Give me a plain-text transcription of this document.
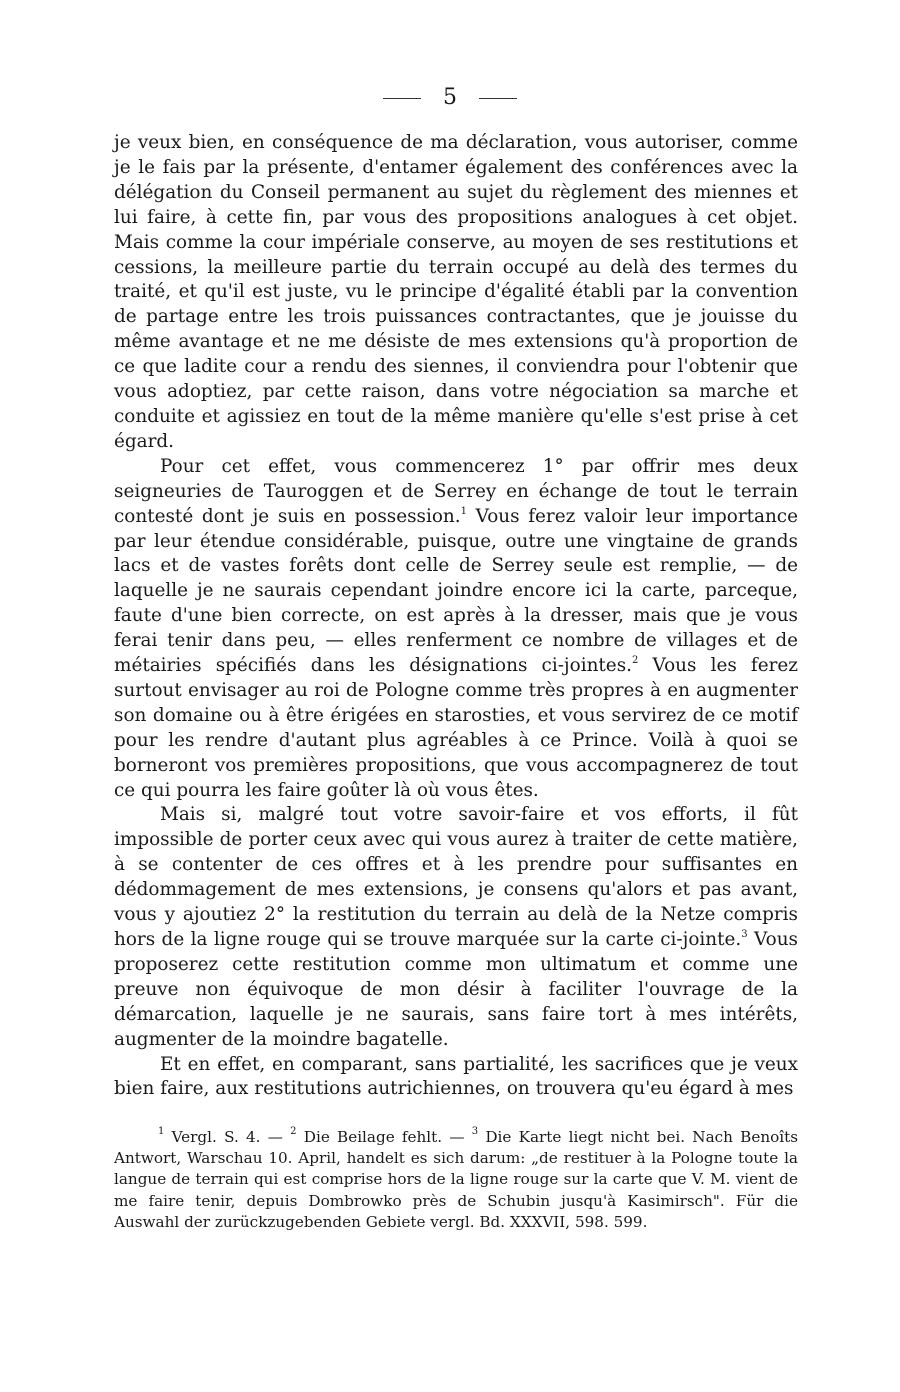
5

je veux bien, en conséquence de ma déclaration, vous autoriser, comme je le fais par la présente, d'entamer également des conférences avec la délégation du Conseil permanent au sujet du règlement des miennes et lui faire, à cette fin, par vous des propositions analogues à cet objet. Mais comme la cour impériale conserve, au moyen de ses restitutions et cessions, la meilleure partie du terrain occupé au delà des termes du traité, et qu'il est juste, vu le principe d'égalité établi par la convention de partage entre les trois puissances contractantes, que je jouisse du même avantage et ne me désiste de mes extensions qu'à proportion de ce que ladite cour a rendu des siennes, il conviendra pour l'obtenir que vous adoptiez, par cette raison, dans votre négociation sa marche et conduite et agissiez en tout de la même manière qu'elle s'est prise à cet égard.

Pour cet effet, vous commencerez 1° par offrir mes deux seigneuries de Tauroggen et de Serrey en échange de tout le terrain contesté dont je suis en possession.$^1$ Vous ferez valoir leur importance par leur étendue considérable, puisque, outre une vingtaine de grands lacs et de vastes forêts dont celle de Serrey seule est remplie, — de laquelle je ne saurais cependant joindre encore ici la carte, parceque, faute d'une bien correcte, on est après à la dresser, mais que je vous ferai tenir dans peu, — elles renferment ce nombre de villages et de métairies spécifiés dans les désignations ci-jointes.$^2$ Vous les ferez surtout envisager au roi de Pologne comme très propres à en augmenter son domaine ou à être érigées en starosties, et vous servirez de ce motif pour les rendre d'autant plus agréables à ce Prince. Voilà à quoi se borneront vos premières propositions, que vous accompagnerez de tout ce qui pourra les faire goûter là où vous êtes.

Mais si, malgré tout votre savoir-faire et vos efforts, il fût impossible de porter ceux avec qui vous aurez à traiter de cette matière, à se contenter de ces offres et à les prendre pour suffisantes en dédommagement de mes extensions, je consens qu'alors et pas avant, vous y ajoutiez 2° la restitution du terrain au delà de la Netze compris hors de la ligne rouge qui se trouve marquée sur la carte ci-jointe.$^3$ Vous proposerez cette restitution comme mon ultimatum et comme une preuve non équivoque de mon désir à faciliter l'ouvrage de la démarcation, laquelle je ne saurais, sans faire tort à mes intérêts, augmenter de la moindre bagatelle.

Et en effet, en comparant, sans partialité, les sacrifices que je veux bien faire, aux restitutions autrichiennes, on trouvera qu'eu égard à mes

$^1$ Vergl. S. 4. — $^2$ Die Beilage fehlt. — $^3$ Die Karte liegt nicht bei. Nach Benoîts Antwort, Warschau 10. April, handelt es sich darum: „de restituer à la Pologne toute la langue de terrain qui est comprise hors de la ligne rouge sur la carte que V. M. vient de me faire tenir, depuis Dombrowko près de Schubin jusqu'à Kasimirsch". Für die Auswahl der zurückzugebenden Gebiete vergl. Bd. XXXVII, 598. 599.
